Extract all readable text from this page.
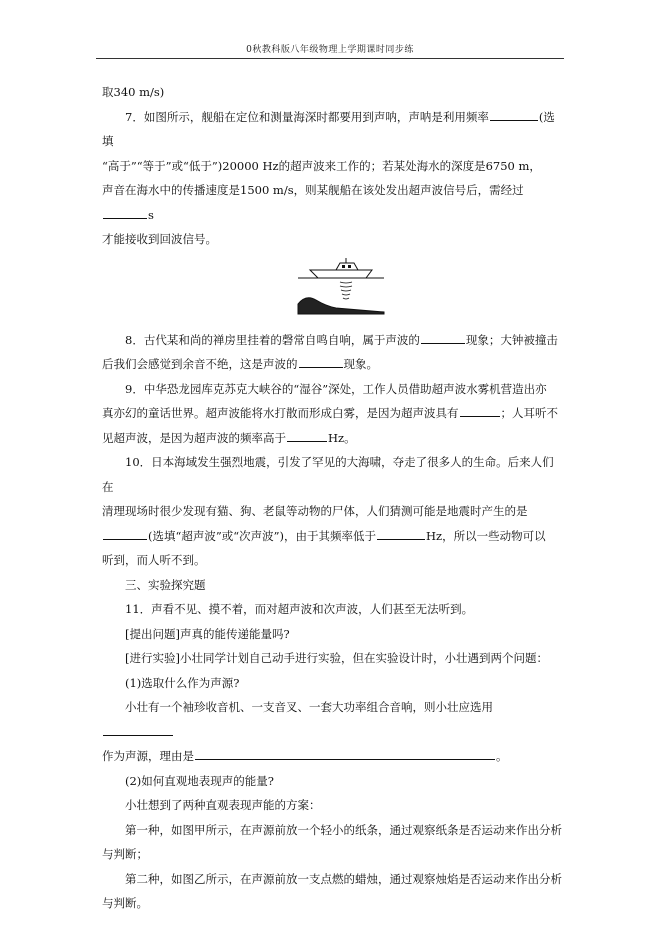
0秋教科版八年级物理上学期课时同步练

取340 m/s)

7．如图所示，舰船在定位和测量海深时都要用到声呐，声呐是利用频率	(选填

“高于”“等于”或“低于”)20000 Hz的超声波来工作的；若某处海水的深度是6750 m，

声音在海水中的传播速度是1500 m/s，则某舰船在该处发出超声波信号后，需经过s

才能接收到回波信号。

8．古代某和尚的禅房里挂着的磬常自鸣自响，属于声波的	现象；大钟被撞击

后我们会感觉到余音不绝，这是声波的	现象。

9．中华恐龙园库克苏克大峡谷的“湿谷”深处，工作人员借助超声波水雾机营造出亦

真亦幻的童话世界。超声波能将水打散而形成白雾，是因为超声波具有	；人耳听不

见超声波，是因为超声波的频率高于	Hz。

10．日本海域发生强烈地震，引发了罕见的大海啸，夺走了很多人的生命。后来人们在

清理现场时很少发现有猫、狗、老鼠等动物的尸体，人们猜测可能是地震时产生的是

(选填“超声波”或“次声波”)，由于其频率低于	Hz，所以一些动物可以

听到，而人听不到。

三、实验探究题

11．声看不见、摸不着，而对超声波和次声波，人们甚至无法听到。

[提出问题]声真的能传递能量吗?

[进行实验]小壮同学计划自己动手进行实验，但在实验设计时，小壮遇到两个问题：

(1)选取什么作为声源?

小壮有一个袖珍收音机、一支音叉、一套大功率组合音响，则小壮应选用

作为声源，理由是	。

(2)如何直观地表现声的能量?

小壮想到了两种直观表现声能的方案：

第一种，如图甲所示，在声源前放一个轻小的纸条，通过观察纸条是否运动来作出分析

与判断；

第二种，如图乙所示，在声源前放一支点燃的蜡烛，通过观察烛焰是否运动来作出分析

与判断。
